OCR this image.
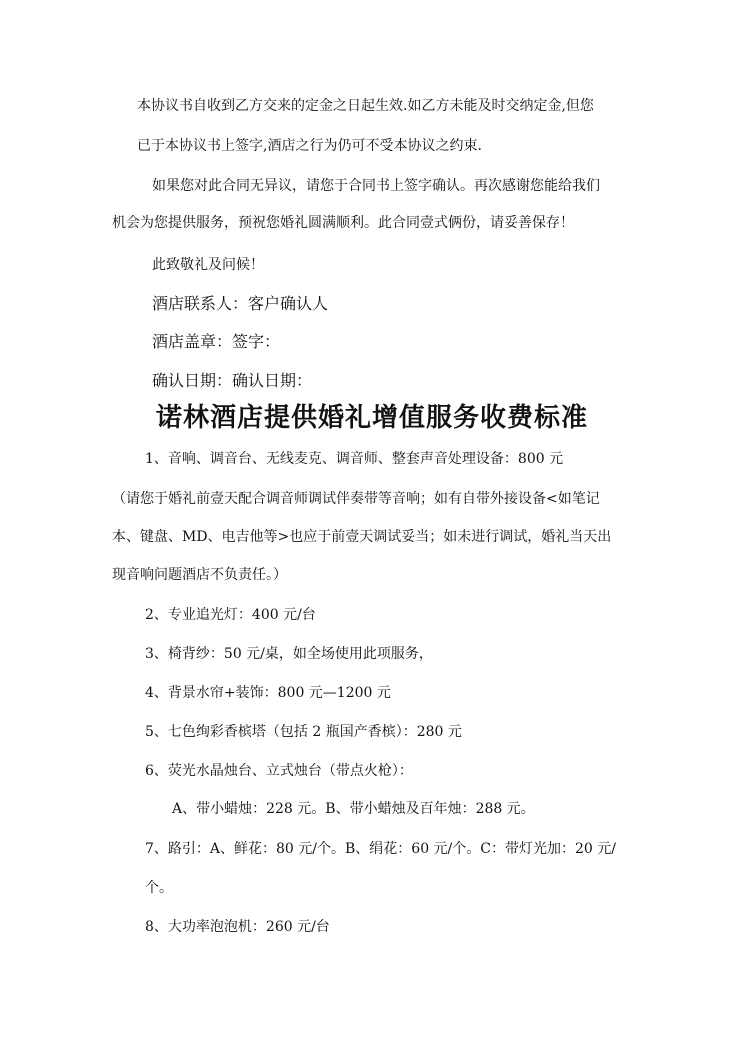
本协议书自收到乙方交来的定金之日起生效.如乙方未能及时交纳定金,但您
已于本协议书上签字,酒店之行为仍可不受本协议之约束.
如果您对此合同无异议，请您于合同书上签字确认。再次感谢您能给我们
机会为您提供服务，预祝您婚礼圆满顺利。此合同壹式俩份，请妥善保存！
此致敬礼及问候！
酒店联系人：客户确认人
酒店盖章：签字：
确认日期：确认日期：
诺林酒店提供婚礼增值服务收费标准
1、音响、调音台、无线麦克、调音师、整套声音处理设备：800 元
（请您于婚礼前壹天配合调音师调试伴奏带等音响；如有自带外接设备<如笔记
本、键盘、MD、电吉他等>也应于前壹天调试妥当；如未进行调试，婚礼当天出
现音响问题酒店不负责任。）
2、专业追光灯：400 元/台
3、椅背纱：50 元/桌，如全场使用此项服务，
4、背景水帘+装饰：800 元—1200 元
5、七色绚彩香槟塔（包括 2 瓶国产香槟）：280 元
6、荧光水晶烛台、立式烛台（带点火枪）：
A、带小蜡烛：228 元。B、带小蜡烛及百年烛：288 元。
7、路引：A、鲜花：80 元/个。B、绢花：60 元/个。C：带灯光加：20 元/
个。
8、大功率泡泡机：260 元/台
